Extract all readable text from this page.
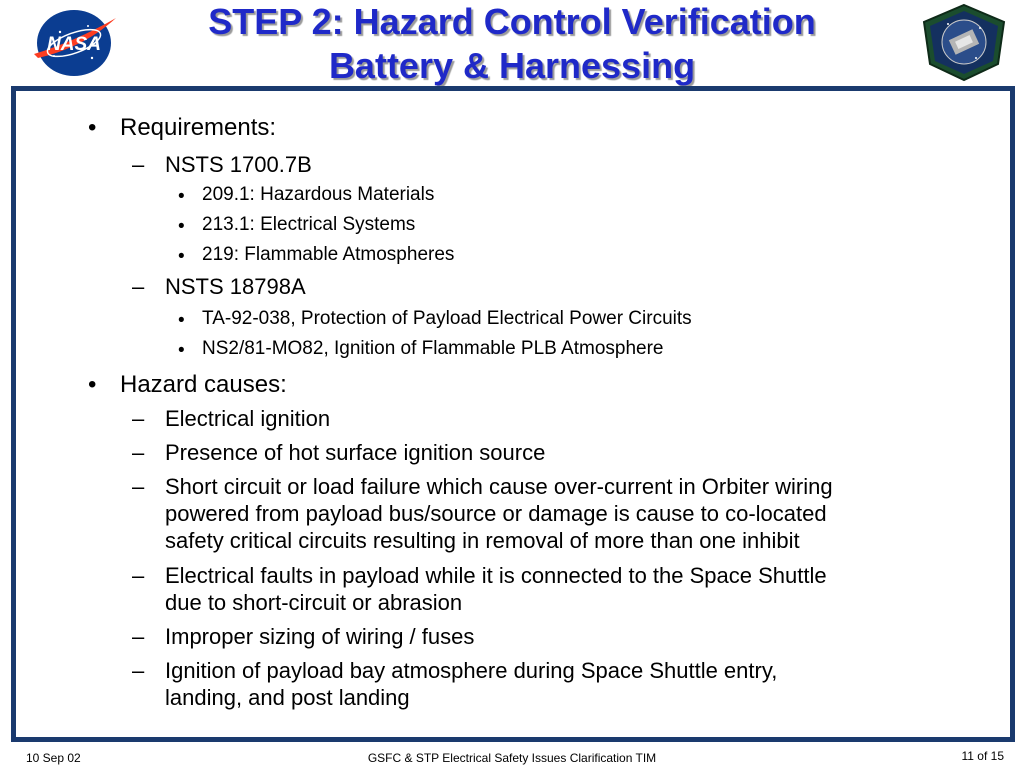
NASA
STEP 2: Hazard Control Verification
Battery & Harnessing
• Requirements:
– NSTS 1700.7B
• 209.1: Hazardous Materials
• 213.1: Electrical Systems
• 219: Flammable Atmospheres
– NSTS 18798A
• TA-92-038, Protection of Payload Electrical Power Circuits
• NS2/81-MO82, Ignition of Flammable PLB Atmosphere
• Hazard causes:
– Electrical ignition
– Presence of hot surface ignition source
– Short circuit or load failure which cause over-current in Orbiter wiring
powered from payload bus/source or damage is cause to co-located
safety critical circuits resulting in removal of more than one inhibit
– Electrical faults in payload while it is connected to the Space Shuttle
due to short-circuit or abrasion
– Improper sizing of wiring / fuses
– Ignition of payload bay atmosphere during Space Shuttle entry,
landing, and post landing
10 Sep 02	GSFC & STP Electrical Safety Issues Clarification TIM	11 of 15
